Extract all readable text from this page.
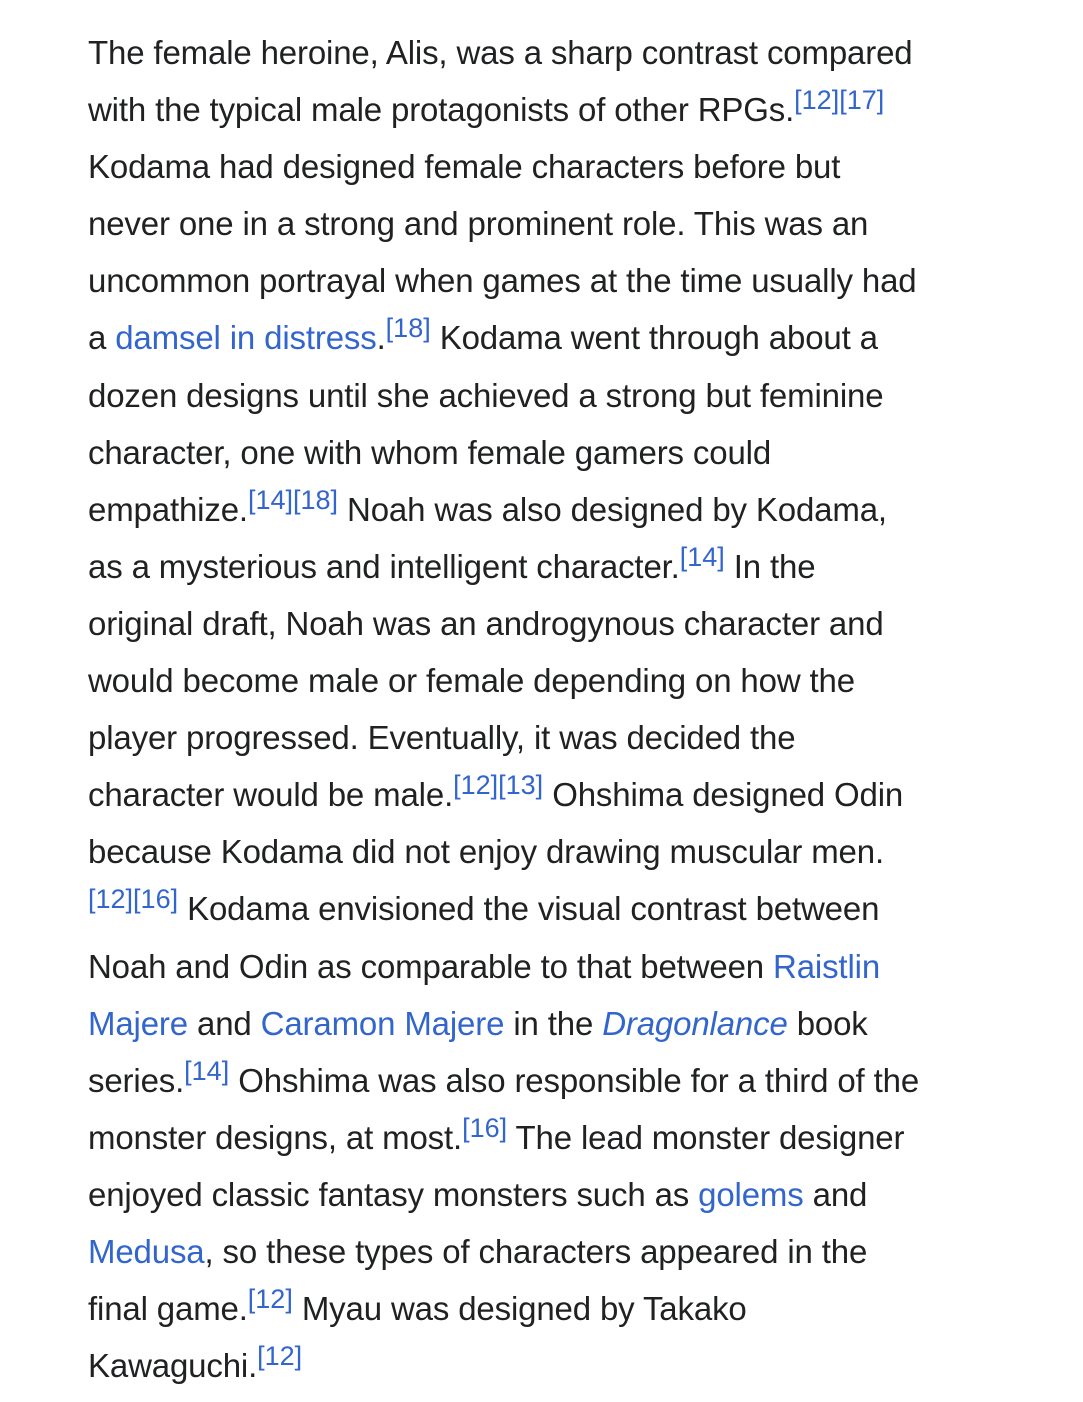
The female heroine, Alis, was a sharp contrast compared
with the typical male protagonists of other RPGs.[12][17]
Kodama had designed female characters before but
never one in a strong and prominent role. This was an
uncommon portrayal when games at the time usually had
a damsel in distress.[18] Kodama went through about a
dozen designs until she achieved a strong but feminine
character, one with whom female gamers could
empathize.[14][18] Noah was also designed by Kodama,
as a mysterious and intelligent character.[14] In the
original draft, Noah was an androgynous character and
would become male or female depending on how the
player progressed. Eventually, it was decided the
character would be male.[12][13] Ohshima designed Odin
because Kodama did not enjoy drawing muscular men.
[12][16] Kodama envisioned the visual contrast between
Noah and Odin as comparable to that between Raistlin
Majere and Caramon Majere in the Dragonlance book
series.[14] Ohshima was also responsible for a third of the
monster designs, at most.[16] The lead monster designer
enjoyed classic fantasy monsters such as golems and
Medusa, so these types of characters appeared in the
final game.[12] Myau was designed by Takako
Kawaguchi.[12]
